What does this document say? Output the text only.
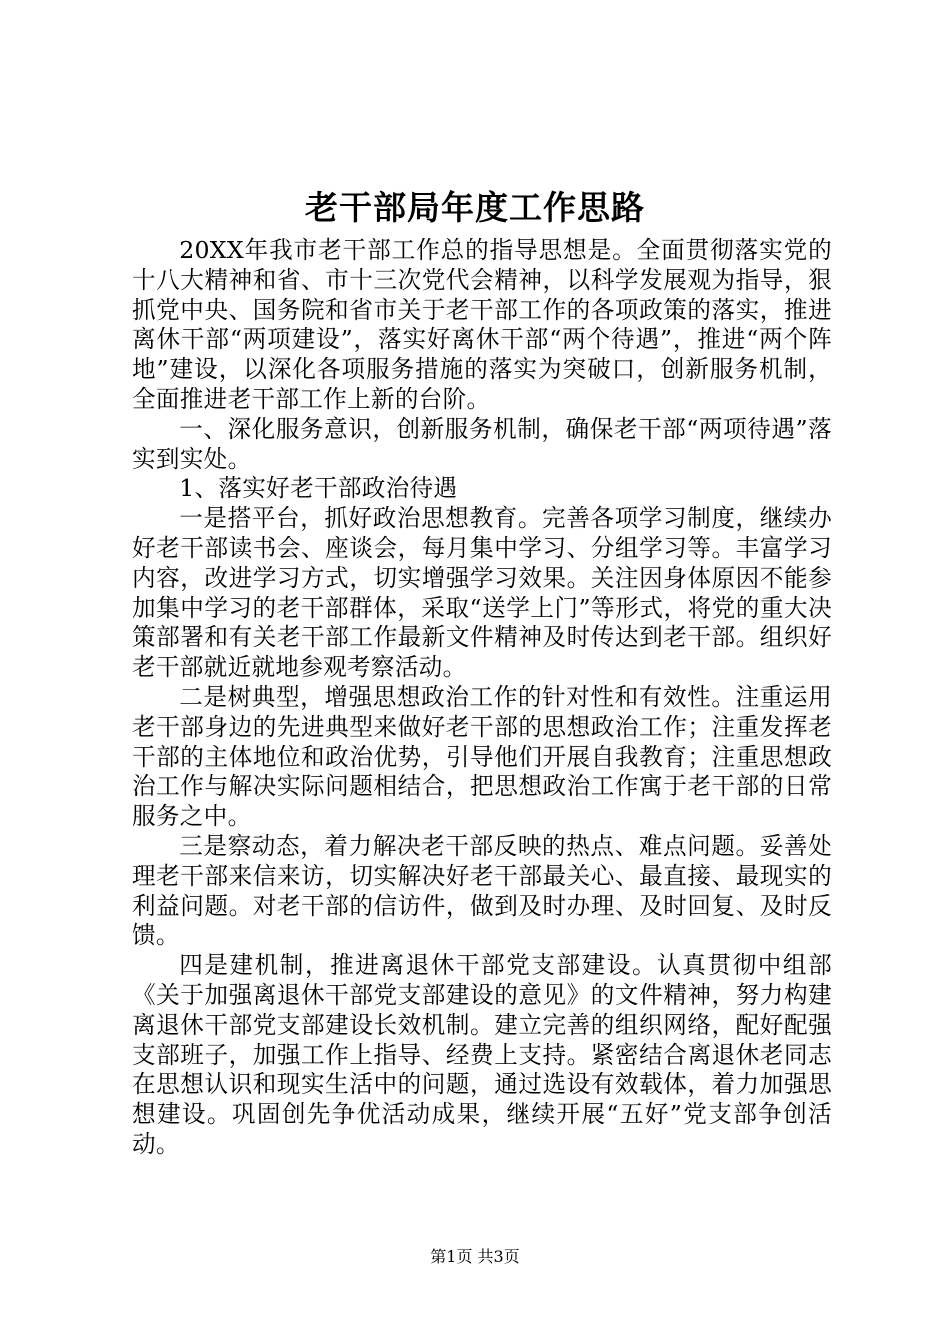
老干部局年度工作思路

20XX年我市老干部工作总的指导思想是。全面贯彻落实党的十八大精神和省、市十三次党代会精神，以科学发展观为指导，狠抓党中央、国务院和省市关于老干部工作的各项政策的落实，推进离休干部“两项建设”，落实好离休干部“两个待遇”，推进“两个阵地”建设，以深化各项服务措施的落实为突破口，创新服务机制，全面推进老干部工作上新的台阶。

一、深化服务意识，创新服务机制，确保老干部“两项待遇”落实到实处。

1、落实好老干部政治待遇

一是搭平台，抓好政治思想教育。完善各项学习制度，继续办好老干部读书会、座谈会，每月集中学习、分组学习等。丰富学习内容，改进学习方式，切实增强学习效果。关注因身体原因不能参加集中学习的老干部群体，采取“送学上门”等形式，将党的重大决策部署和有关老干部工作最新文件精神及时传达到老干部。组织好老干部就近就地参观考察活动。

二是树典型，增强思想政治工作的针对性和有效性。注重运用老干部身边的先进典型来做好老干部的思想政治工作；注重发挥老干部的主体地位和政治优势，引导他们开展自我教育；注重思想政治工作与解决实际问题相结合，把思想政治工作寓于老干部的日常服务之中。

三是察动态，着力解决老干部反映的热点、难点问题。妥善处理老干部来信来访，切实解决好老干部最关心、最直接、最现实的利益问题。对老干部的信访件，做到及时办理、及时回复、及时反馈。

四是建机制，推进离退休干部党支部建设。认真贯彻中组部《关于加强离退休干部党支部建设的意见》的文件精神，努力构建离退休干部党支部建设长效机制。建立完善的组织网络，配好配强支部班子，加强工作上指导、经费上支持。紧密结合离退休老同志在思想认识和现实生活中的问题，通过选设有效载体，着力加强思想建设。巩固创先争优活动成果，继续开展“五好”党支部争创活动。

第1页 共3页
